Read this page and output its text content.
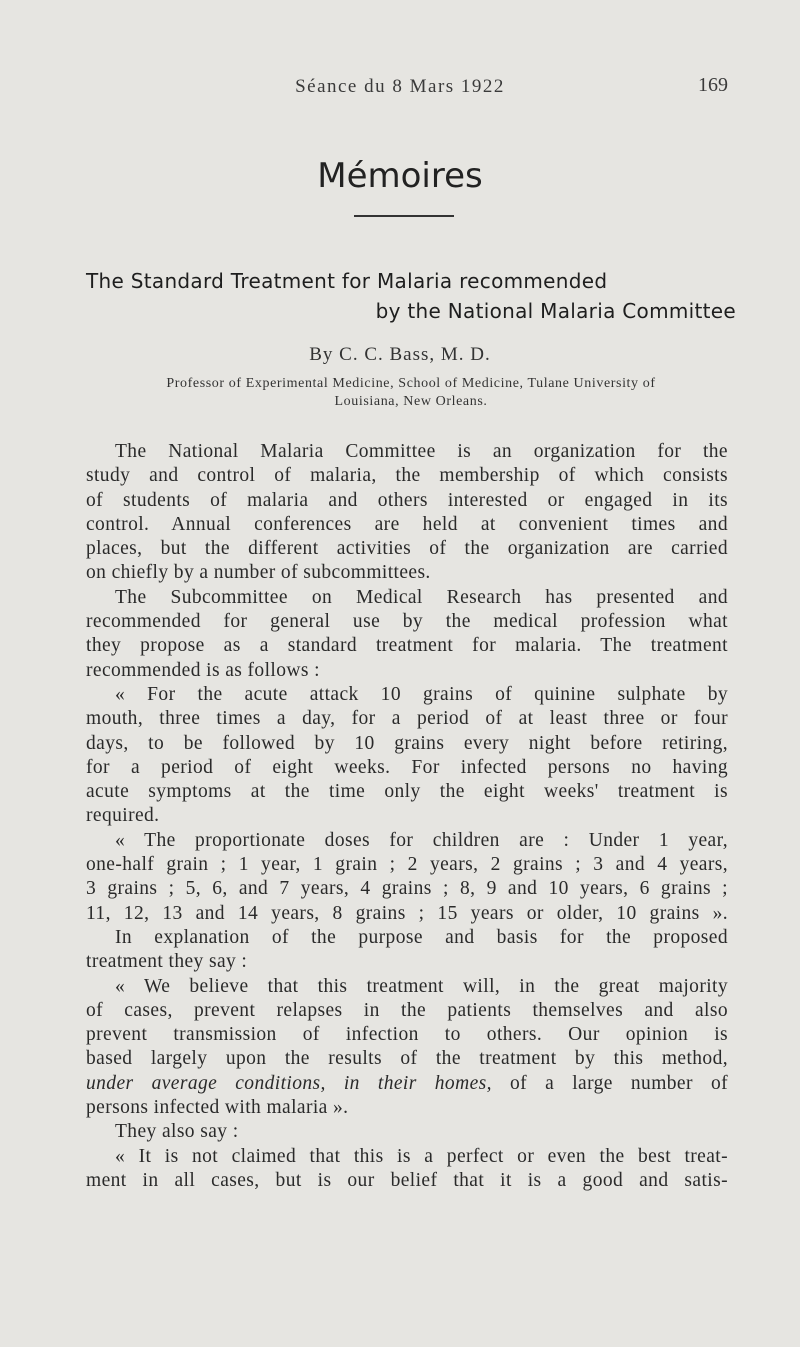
Séance du 8 Mars 1922	169
Mémoires
The Standard Treatment for Malaria recommended
by the National Malaria Committee
By C. C. Bass, M. D.
Professor of Experimental Medicine, School of Medicine, Tulane University of
Louisiana, New Orleans.
The National Malaria Committee is an organization for the
study and control of malaria, the membership of which consists
of students of malaria and others interested or engaged in its
control. Annual conferences are held at convenient times and
places, but the different activities of the organization are carried
on chiefly by a number of subcommittees.
The Subcommittee on Medical Research has presented and
recommended for general use by the medical profession what
they propose as a standard treatment for malaria. The treatment
recommended is as follows :
« For the acute attack 10 grains of quinine sulphate by
mouth, three times a day, for a period of at least three or four
days, to be followed by 10 grains every night before retiring,
for a period of eight weeks. For infected persons no having
acute symptoms at the time only the eight weeks' treatment is
required.
« The proportionate doses for children are : Under 1 year,
one-half grain ; 1 year, 1 grain ; 2 years, 2 grains ; 3 and 4 years,
3 grains ; 5, 6, and 7 years, 4 grains ; 8, 9 and 10 years, 6 grains ;
11, 12, 13 and 14 years, 8 grains ; 15 years or older, 10 grains ».
In explanation of the purpose and basis for the proposed
treatment they say :
« We believe that this treatment will, in the great majority
of cases, prevent relapses in the patients themselves and also
prevent transmission of infection to others. Our opinion is
based largely upon the results of the treatment by this method,
under average conditions, in their homes, of a large number of
persons infected with malaria ».
They also say :
« It is not claimed that this is a perfect or even the best treat-
ment in all cases, but is our belief that it is a good and satis-
